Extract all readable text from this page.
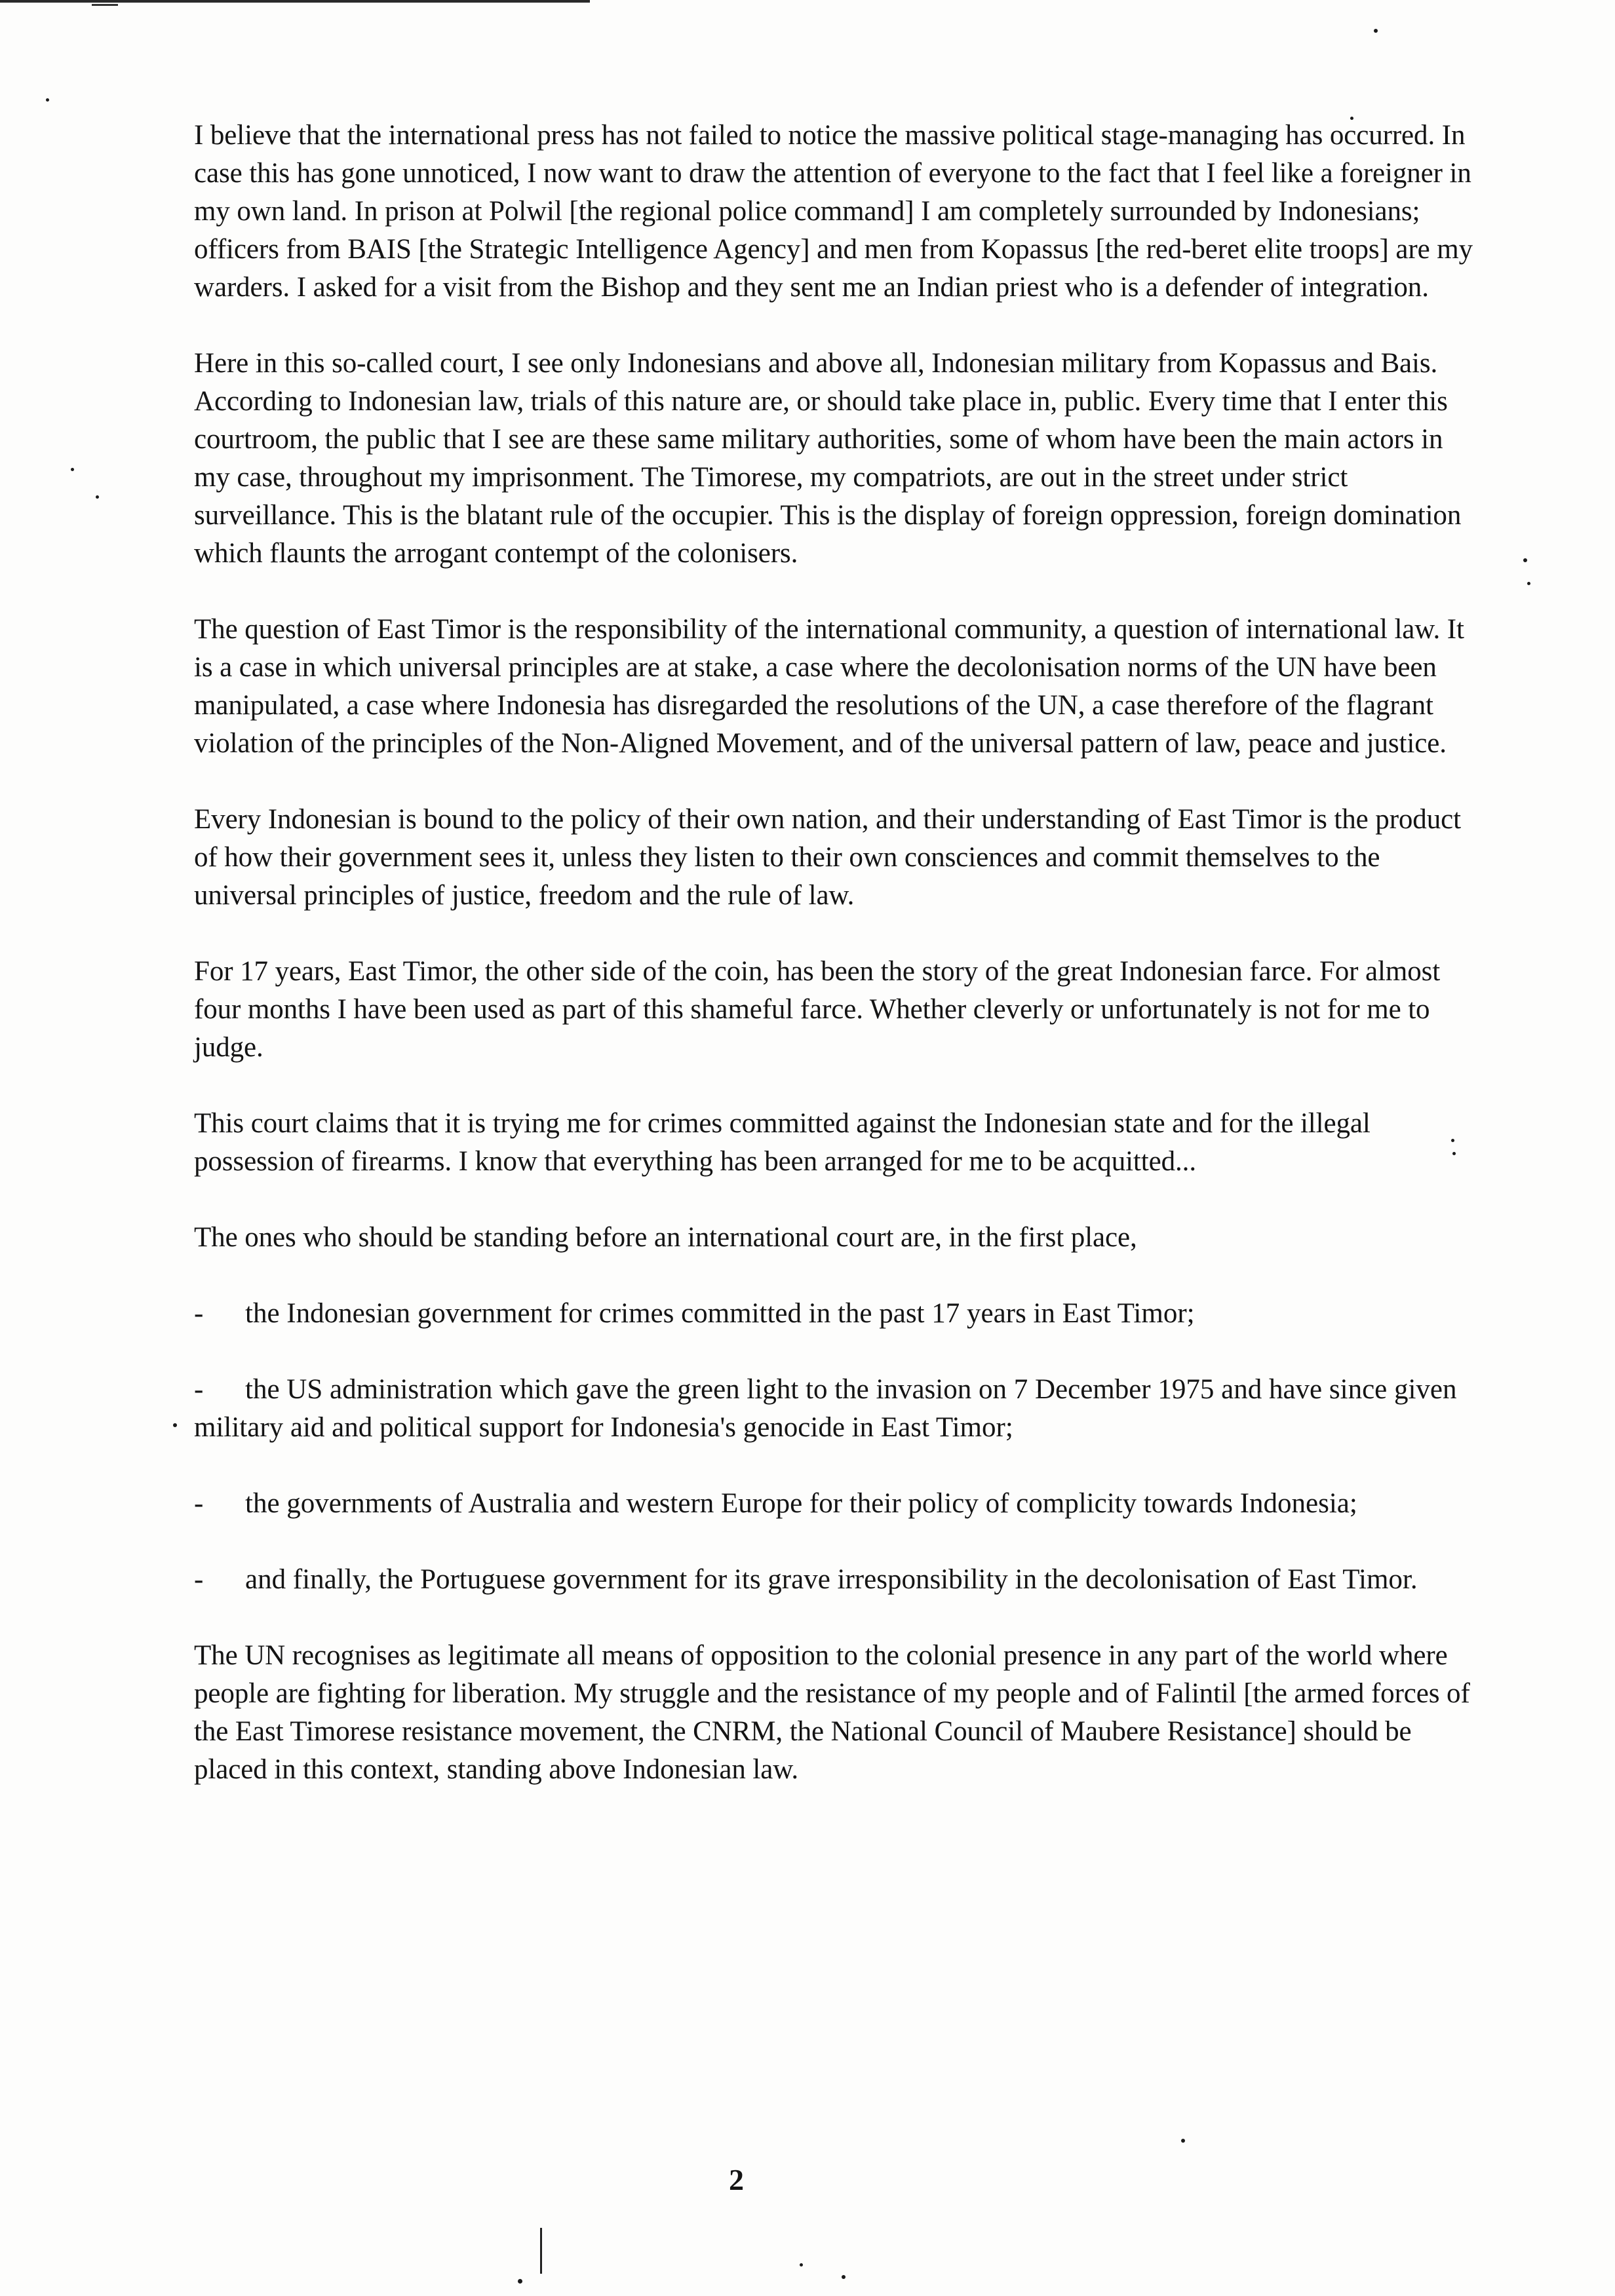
I believe that the international press has not failed to notice the massive political stage-managing has occurred. In case this has gone unnoticed, I now want to draw the attention of everyone to the fact that I feel like a foreigner in my own land. In prison at Polwil [the regional police command] I am completely surrounded by Indonesians; officers from BAIS [the Strategic Intelligence Agency] and men from Kopassus [the red-beret elite troops] are my warders. I asked for a visit from the Bishop and they sent me an Indian priest who is a defender of integration.

Here in this so-called court, I see only Indonesians and above all, Indonesian military from Kopassus and Bais. According to Indonesian law, trials of this nature are, or should take place in, public. Every time that I enter this courtroom, the public that I see are these same military authorities, some of whom have been the main actors in my case, throughout my imprisonment. The Timorese, my compatriots, are out in the street under strict surveillance. This is the blatant rule of the occupier. This is the display of foreign oppression, foreign domination which flaunts the arrogant contempt of the colonisers.

The question of East Timor is the responsibility of the international community, a question of international law. It is a case in which universal principles are at stake, a case where the decolonisation norms of the UN have been manipulated, a case where Indonesia has disregarded the resolutions of the UN, a case therefore of the flagrant violation of the principles of the Non-Aligned Movement, and of the universal pattern of law, peace and justice.

Every Indonesian is bound to the policy of their own nation, and their understanding of East Timor is the product of how their government sees it, unless they listen to their own consciences and commit themselves to the universal principles of justice, freedom and the rule of law.

For 17 years, East Timor, the other side of the coin, has been the story of the great Indonesian farce. For almost four months I have been used as part of this shameful farce. Whether cleverly or unfortunately is not for me to judge.

This court claims that it is trying me for crimes committed against the Indonesian state and for the illegal possession of firearms. I know that everything has been arranged for me to be acquitted...

The ones who should be standing before an international court are, in the first place,

- the Indonesian government for crimes committed in the past 17 years in East Timor;
- the US administration which gave the green light to the invasion on 7 December 1975 and have since given military aid and political support for Indonesia's genocide in East Timor;
- the governments of Australia and western Europe for their policy of complicity towards Indonesia;
- and finally, the Portuguese government for its grave irresponsibility in the decolonisation of East Timor.

The UN recognises as legitimate all means of opposition to the colonial presence in any part of the world where people are fighting for liberation. My struggle and the resistance of my people and of Falintil [the armed forces of the East Timorese resistance movement, the CNRM, the National Council of Maubere Resistance] should be placed in this context, standing above Indonesian law.

2
